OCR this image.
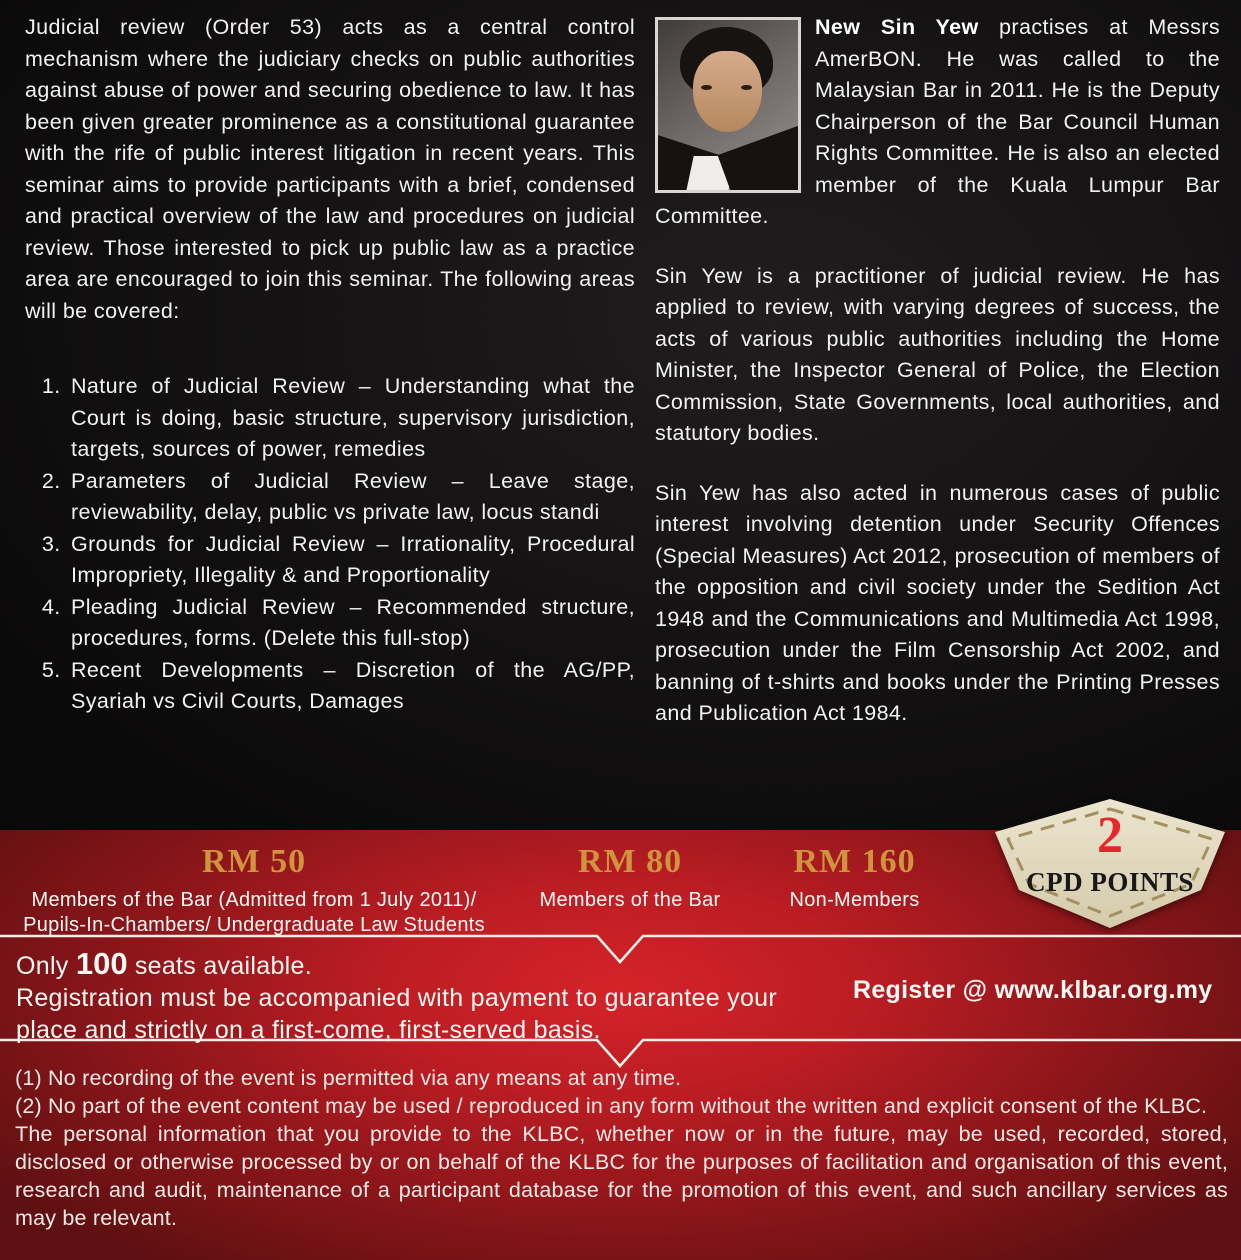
Judicial review (Order 53) acts as a central control mechanism where the judiciary checks on public authorities against abuse of power and securing obedience to law. It has been given greater prominence as a constitutional guarantee with the rife of public interest litigation in recent years. This seminar aims to provide participants with a brief, condensed and practical overview of the law and procedures on judicial review. Those interested to pick up public law as a practice area are encouraged to join this seminar. The following areas will be covered:

1. Nature of Judicial Review – Understanding what the Court is doing, basic structure, supervisory jurisdiction, targets, sources of power, remedies
2. Parameters of Judicial Review – Leave stage, reviewability, delay, public vs private law, locus standi
3. Grounds for Judicial Review – Irrationality, Procedural Impropriety, Illegality & and Proportionality
4. Pleading Judicial Review – Recommended structure, procedures, forms. (Delete this full-stop)
5. Recent Developments – Discretion of the AG/PP, Syariah vs Civil Courts, Damages

New Sin Yew practises at Messrs AmerBON. He was called to the Malaysian Bar in 2011. He is the Deputy Chairperson of the Bar Council Human Rights Committee. He is also an elected member of the Kuala Lumpur Bar Committee.

Sin Yew is a practitioner of judicial review. He has applied to review, with varying degrees of success, the acts of various public authorities including the Home Minister, the Inspector General of Police, the Election Commission, State Governments, local authorities, and statutory bodies.

Sin Yew has also acted in numerous cases of public interest involving detention under Security Offences (Special Measures) Act 2012, prosecution of members of the opposition and civil society under the Sedition Act 1948 and the Communications and Multimedia Act 1998, prosecution under the Film Censorship Act 2002, and banning of t-shirts and books under the Printing Presses and Publication Act 1984.

RM 50
Members of the Bar (Admitted from 1 July 2011)/ Pupils-In-Chambers/ Undergraduate Law Students
RM 80
Members of the Bar
RM 160
Non-Members
Only 100 seats available.
Registration must be accompanied with payment to guarantee your place and strictly on a first-come, first-served basis.
Register @ www.klbar.org.my

(1) No recording of the event is permitted via any means at any time.

(2) No part of the event content may be used / reproduced in any form without the written and explicit consent of the KLBC.

The personal information that you provide to the KLBC, whether now or in the future, may be used, recorded, stored, disclosed or otherwise processed by or on behalf of the KLBC for the purposes of facilitation and organisation of this event, research and audit, maintenance of a participant database for the promotion of this event, and such ancillary services as may be relevant.

2
CPD POINTS
